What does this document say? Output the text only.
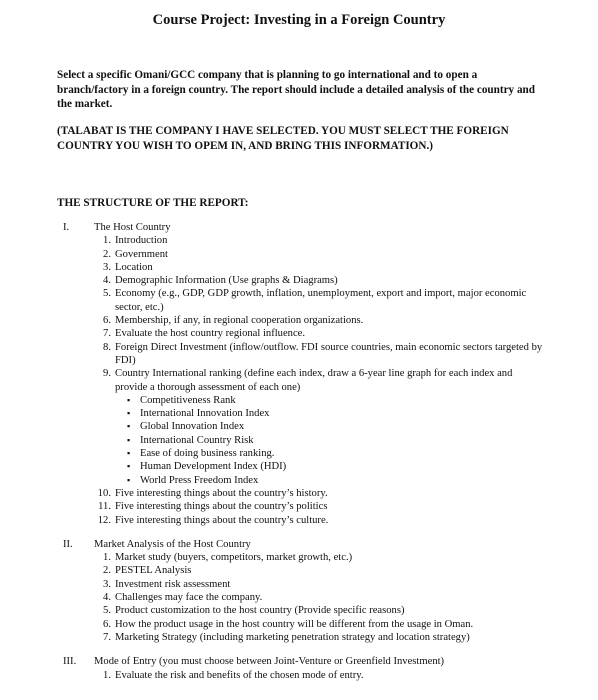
Course Project: Investing in a Foreign Country
Select a specific Omani/GCC company that is planning to go international and to open a branch/factory in a foreign country. The report should include a detailed analysis of the country and the market.
(TALABAT IS THE COMPANY I HAVE SELECTED. YOU MUST SELECT THE FOREIGN COUNTRY YOU WISH TO OPEM IN, AND BRING THIS INFORMATION.)
THE STRUCTURE OF THE REPORT:
I. The Host Country
1. Introduction
2. Government
3. Location
4. Demographic Information (Use graphs & Diagrams)
5. Economy (e.g., GDP, GDP growth, inflation, unemployment, export and import, major economic sector, etc.)
6. Membership, if any, in regional cooperation organizations.
7. Evaluate the host country regional influence.
8. Foreign Direct Investment (inflow/outflow. FDI source countries, main economic sectors targeted by FDI)
9. Country International ranking (define each index, draw a 6-year line graph for each index and provide a thorough assessment of each one)
▪ Competitiveness Rank
▪ International Innovation Index
▪ Global Innovation Index
▪ International Country Risk
▪ Ease of doing business ranking.
▪ Human Development Index (HDI)
▪ World Press Freedom Index
10. Five interesting things about the country’s history.
11. Five interesting things about the country’s politics
12. Five interesting things about the country’s culture.
II. Market Analysis of the Host Country
1. Market study (buyers, competitors, market growth, etc.)
2. PESTEL Analysis
3. Investment risk assessment
4. Challenges may face the company.
5. Product customization to the host country (Provide specific reasons)
6. How the product usage in the host country will be different from the usage in Oman.
7. Marketing Strategy (including marketing penetration strategy and location strategy)
III. Mode of Entry (you must choose between Joint-Venture or Greenfield Investment)
1. Evaluate the risk and benefits of the chosen mode of entry.
